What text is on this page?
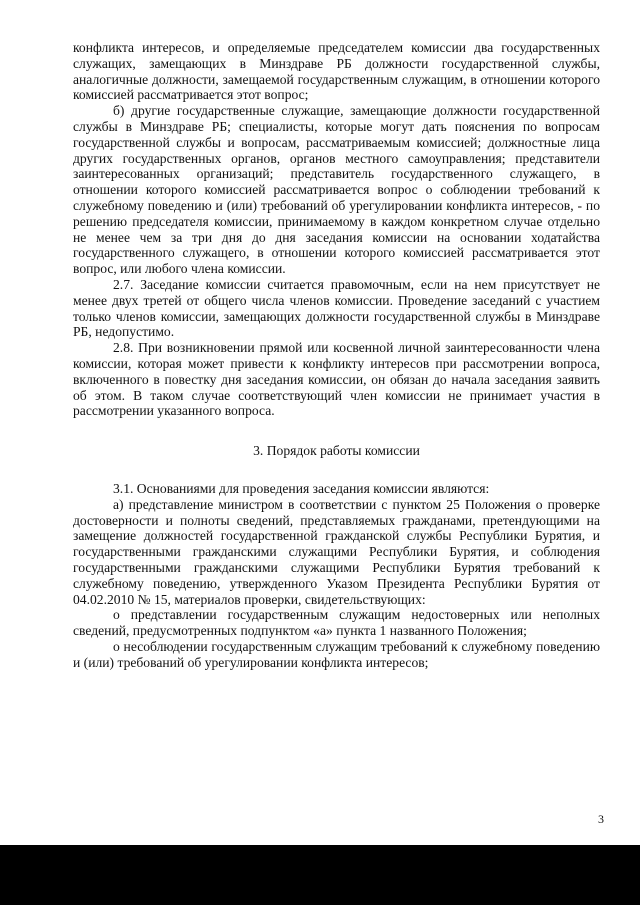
конфликта интересов, и определяемые председателем комиссии два государственных служащих, замещающих в Минздраве РБ должности государственной службы, аналогичные должности, замещаемой государственным служащим, в отношении которого комиссией рассматривается этот вопрос;

б) другие государственные служащие, замещающие должности государственной службы в Минздраве РБ; специалисты, которые могут дать пояснения по вопросам государственной службы и вопросам, рассматриваемым комиссией; должностные лица других государственных органов, органов местного самоуправления; представители заинтересованных организаций; представитель государственного служащего, в отношении которого комиссией рассматривается вопрос о соблюдении требований к служебному поведению и (или) требований об урегулировании конфликта интересов, - по решению председателя комиссии, принимаемому в каждом конкретном случае отдельно не менее чем за три дня до дня заседания комиссии на основании ходатайства государственного служащего, в отношении которого комиссией рассматривается этот вопрос, или любого члена комиссии.

2.7. Заседание комиссии считается правомочным, если на нем присутствует не менее двух третей от общего числа членов комиссии. Проведение заседаний с участием только членов комиссии, замещающих должности государственной службы в Минздраве РБ, недопустимо.

2.8. При возникновении прямой или косвенной личной заинтересованности члена комиссии, которая может привести к конфликту интересов при рассмотрении вопроса, включенного в повестку дня заседания комиссии, он обязан до начала заседания заявить об этом. В таком случае соответствующий член комиссии не принимает участия в рассмотрении указанного вопроса.

3. Порядок работы комиссии

3.1. Основаниями для проведения заседания комиссии являются:

а) представление министром в соответствии с пунктом 25 Положения о проверке достоверности и полноты сведений, представляемых гражданами, претендующими на замещение должностей государственной гражданской службы Республики Бурятия, и государственными гражданскими служащими Республики Бурятия, и соблюдения государственными гражданскими служащими Республики Бурятия требований к служебному поведению, утвержденного Указом Президента Республики Бурятия от 04.02.2010 № 15, материалов проверки, свидетельствующих:

о представлении государственным служащим недостоверных или неполных сведений, предусмотренных подпунктом «а» пункта 1 названного Положения;

о несоблюдении государственным служащим требований к служебному поведению и (или) требований об урегулировании конфликта интересов;

3
